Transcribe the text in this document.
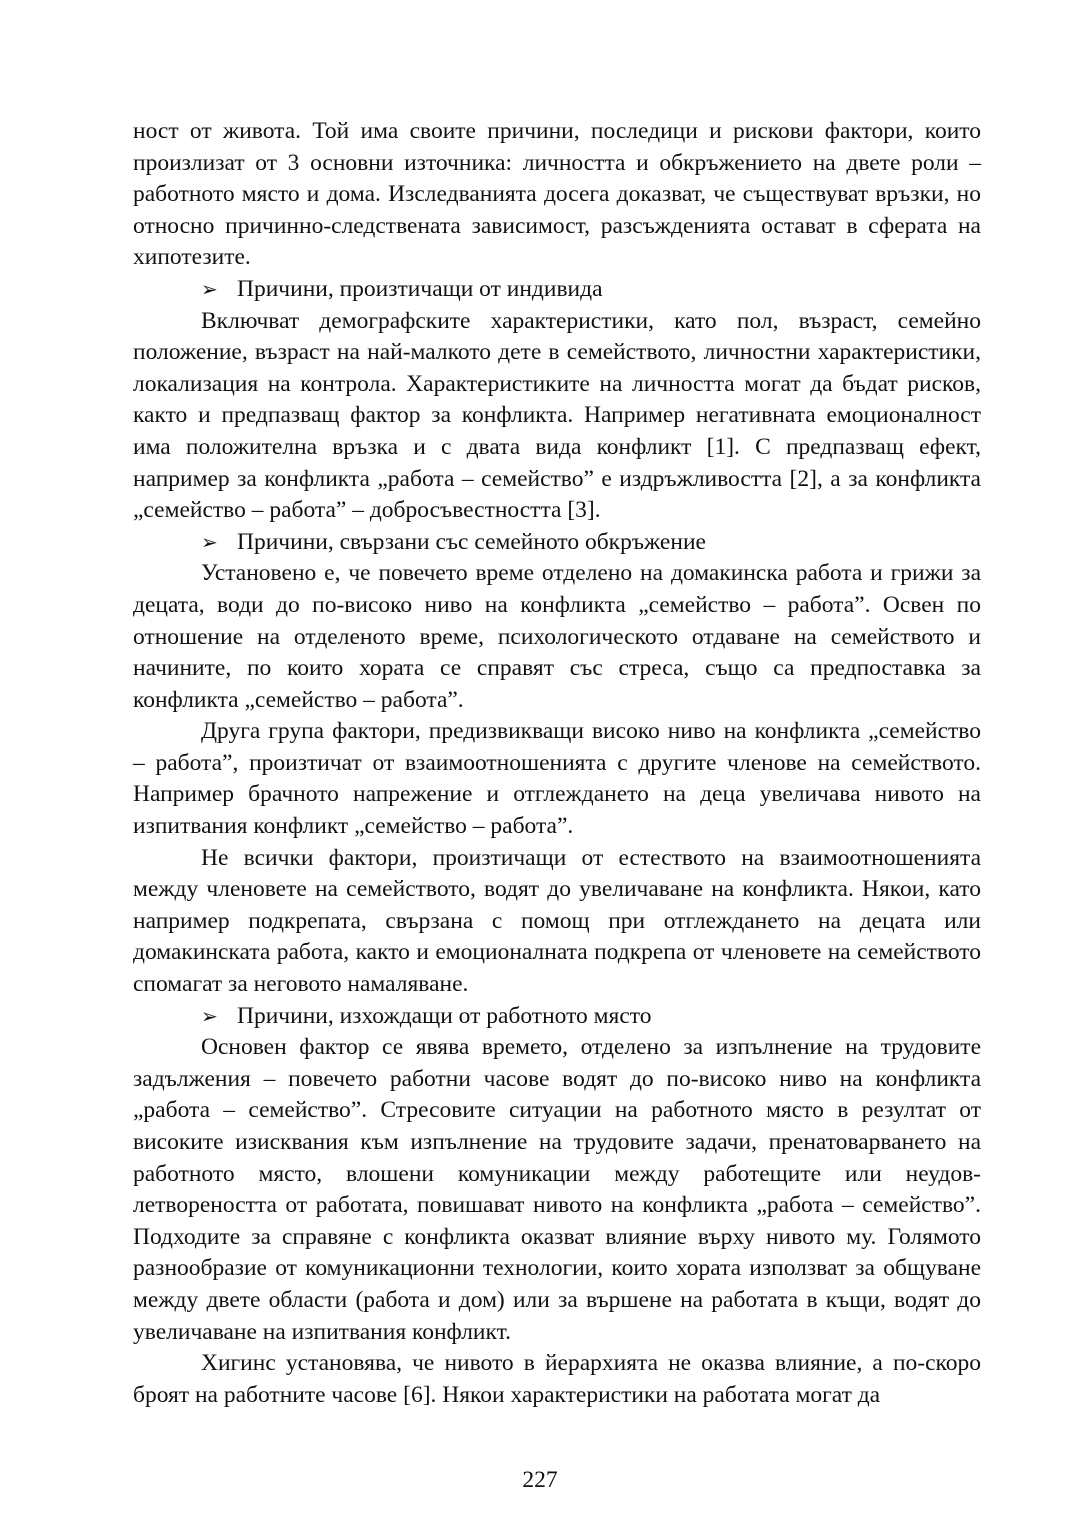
ност от живота. Той има своите причини, последици и рискови фактори, които произлизат от 3 основни източника: личността и обкръжението на двете роли – работното място и дома. Изследванията досега доказват, че съществуват връзки, но относно причинно-следствената зависимост, разсъжденията остават в сферата на хипотезите.

➢ Причини, произтичащи от индивида

Включват демографските характеристики, като пол, възраст, семейно положение, възраст на най-малкото дете в семейството, личностни характеристики, локализация на контрола. Характеристиките на личността могат да бъдат рисков, както и предпазващ фактор за конфликта. Например негативната емоционалност има положителна връзка и с двата вида конфликт [1]. С предпазващ ефект, например за конфликта „работа – семейство” е издръжливостта [2], а за конфликта „семейство – работа” – добросъвестността [3].

➢ Причини, свързани със семейното обкръжение

Установено е, че повечето време отделено на домакинска работа и грижи за децата, води до по-високо ниво на конфликта „семейство – работа”. Освен по отношение на отделеното време, психологическото отдаване на семейството и начините, по които хората се справят със стреса, също са предпоставка за конфликта „семейство – работа”.

Друга група фактори, предизвикващи високо ниво на конфликта „семейство – работа”, произтичат от взаимоотношенията с другите членове на семейството. Например брачното напрежение и отглеждането на деца увеличава нивото на изпитвания конфликт „семейство – работа”.

Не всички фактори, произтичащи от естеството на взаимоотношенията между членовете на семейството, водят до увеличаване на конфликта. Някои, като например подкрепата, свързана с помощ при отглеждането на децата или домакинската работа, както и емоционалната подкрепа от членовете на семейството спомагат за неговото намаляване.

➢ Причини, изхождащи от работното място

Основен фактор се явява времето, отделено за изпълнение на трудовите задължения – повечето работни часове водят до по-високо ниво на конфликта „работа – семейство”. Стресовите ситуации на работното място в резултат от високите изисквания към изпълнение на трудовите задачи, пренатоварването на работното място, влошени комуникации между работещите или неудовлетвореността от работата, повишават нивото на конфликта „работа – семейство”. Подходите за справяне с конфликта оказват влияние върху нивото му. Голямото разнообразие от комуникационни технологии, които хората използват за общуване между двете области (работа и дом) или за вършене на работата в къщи, водят до увеличаване на изпитвания конфликт.

Хигинс установява, че нивото в йерархията не оказва влияние, а по-скоро броят на работните часове [6]. Някои характеристики на работата могат да

227
